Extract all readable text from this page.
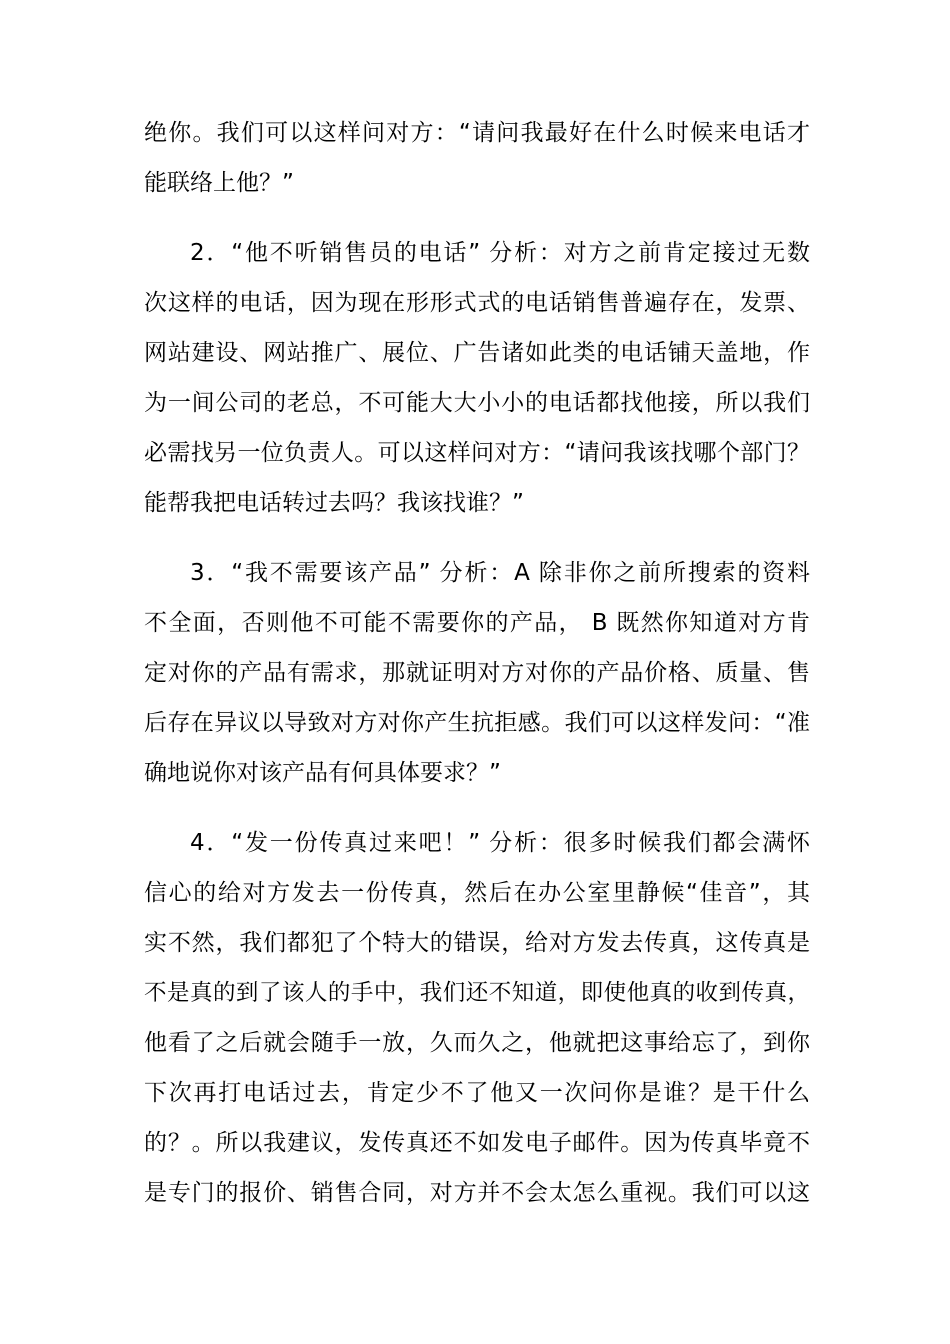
绝你。我们可以这样问对方：“请问我最好在什么时候来电话才
能联络上他？”
2．“他不听销售员的电话” 分析：对方之前肯定接过无数
次这样的电话，因为现在形形式式的电话销售普遍存在，发票、
网站建设、网站推广、展位、广告诸如此类的电话铺天盖地，作
为一间公司的老总，不可能大大小小的电话都找他接，所以我们
必需找另一位负责人。可以这样问对方：“请问我该找哪个部门？
能帮我把电话转过去吗？我该找谁？”
3．“我不需要该产品” 分析：A 除非你之前所搜索的资料
不全面，否则他不可能不需要你的产品， B 既然你知道对方肯
定对你的产品有需求，那就证明对方对你的产品价格、质量、售
后存在异议以导致对方对你产生抗拒感。我们可以这样发问：“准
确地说你对该产品有何具体要求？”
4．“发一份传真过来吧！” 分析：很多时候我们都会满怀
信心的给对方发去一份传真，然后在办公室里静候“佳音”，其
实不然，我们都犯了个特大的错误，给对方发去传真，这传真是
不是真的到了该人的手中，我们还不知道，即使他真的收到传真，
他看了之后就会随手一放，久而久之，他就把这事给忘了，到你
下次再打电话过去，肯定少不了他又一次问你是谁？是干什么
的？。所以我建议，发传真还不如发电子邮件。因为传真毕竟不
是专门的报价、销售合同，对方并不会太怎么重视。我们可以这
